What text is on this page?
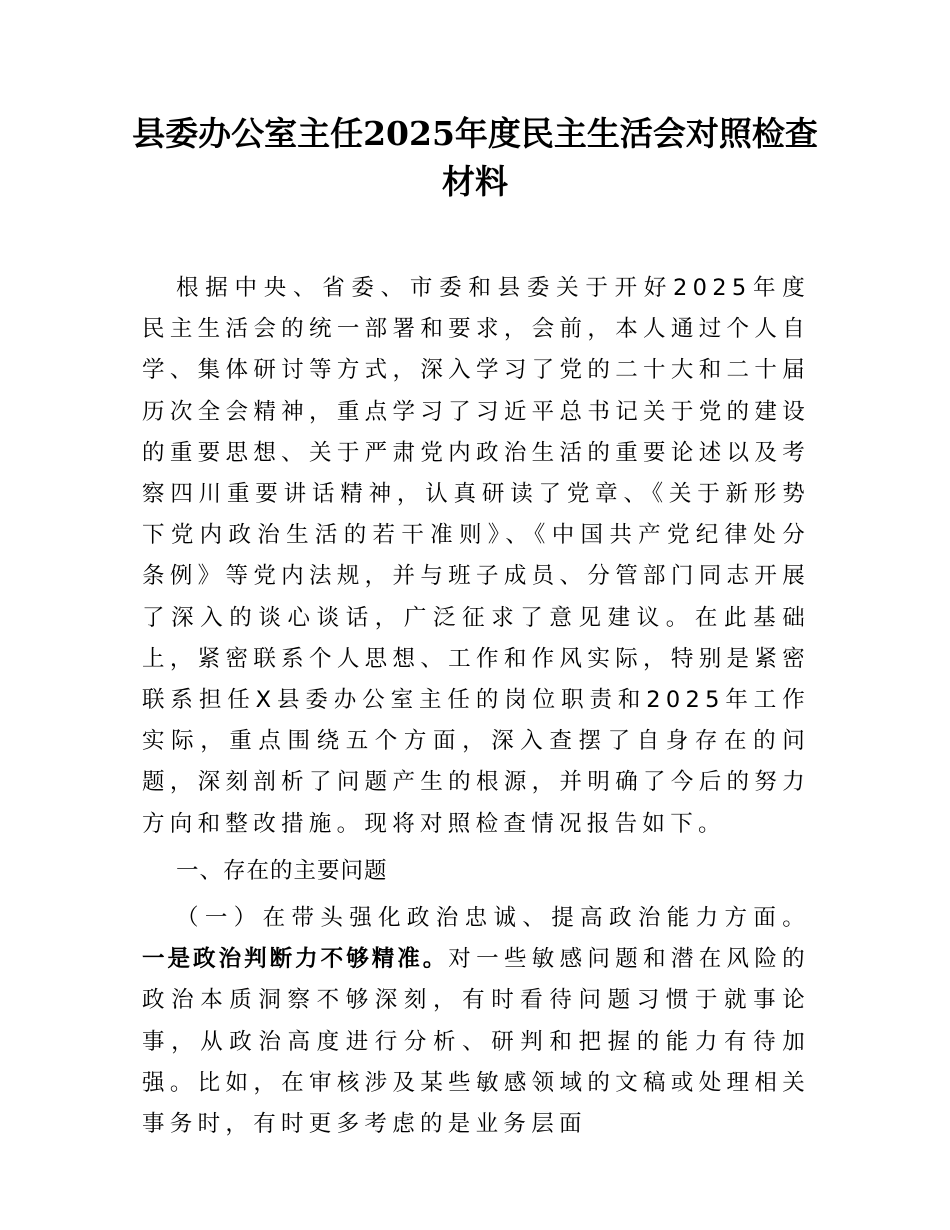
县委办公室主任2025年度民主生活会对照检查材料

根据中央、省委、市委和县委关于开好2025年度民主生活会的统一部署和要求，会前，本人通过个人自学、集体研讨等方式，深入学习了党的二十大和二十届历次全会精神，重点学习了习近平总书记关于党的建设的重要思想、关于严肃党内政治生活的重要论述以及考察四川重要讲话精神，认真研读了党章、《关于新形势下党内政治生活的若干准则》、《中国共产党纪律处分条例》等党内法规，并与班子成员、分管部门同志开展了深入的谈心谈话，广泛征求了意见建议。在此基础上，紧密联系个人思想、工作和作风实际，特别是紧密联系担任X县委办公室主任的岗位职责和2025年工作实际，重点围绕五个方面，深入查摆了自身存在的问题，深刻剖析了问题产生的根源，并明确了今后的努力方向和整改措施。现将对照检查情况报告如下。

一、存在的主要问题

（一）在带头强化政治忠诚、提高政治能力方面。一是政治判断力不够精准。对一些敏感问题和潜在风险的政治本质洞察不够深刻，有时看待问题习惯于就事论事，从政治高度进行分析、研判和把握的能力有待加强。比如，在审核涉及某些敏感领域的文稿或处理相关事务时，有时更多考虑的是业务层面
